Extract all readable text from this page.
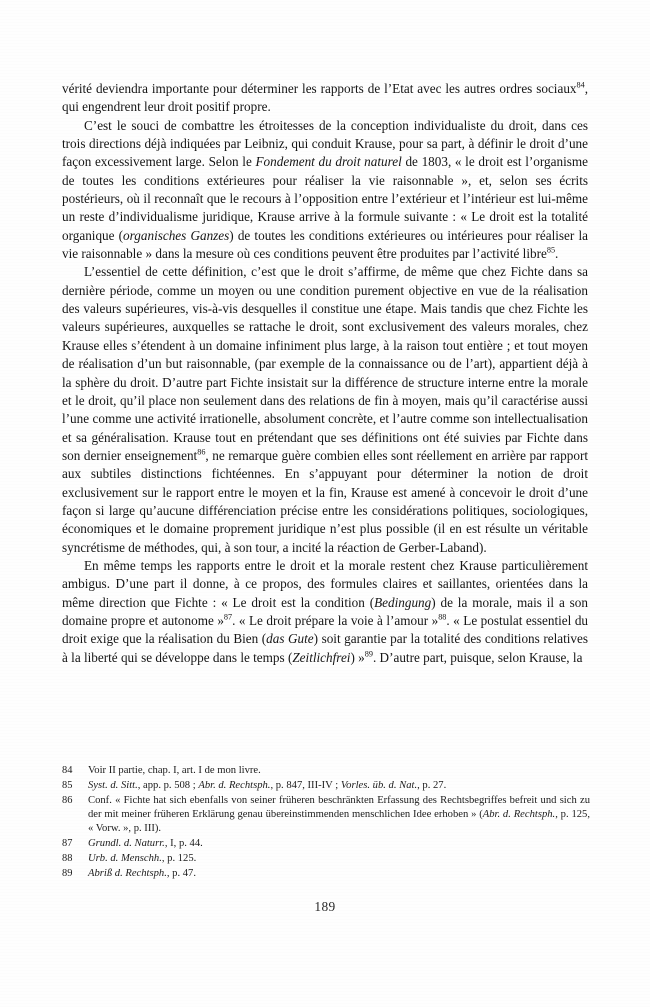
vérité deviendra importante pour déterminer les rapports de l’Etat avec les autres ordres sociaux$^{84}$, qui engendrent leur droit positif propre.

C’est le souci de combattre les étroitesses de la conception individualiste du droit, dans ces trois directions déjà indiquées par Leibniz, qui conduit Krause, pour sa part, à définir le droit d’une façon excessivement large. Selon le Fondement du droit naturel de 1803, « le droit est l’organisme de toutes les conditions extérieures pour réaliser la vie raisonnable », et, selon ses écrits postérieurs, où il reconnaît que le recours à l’opposition entre l’extérieur et l’intérieur est lui-même un reste d’individualisme juridique, Krause arrive à la formule suivante : « Le droit est la totalité organique (organisches Ganzes) de toutes les conditions extérieures ou intérieures pour réaliser la vie raisonnable » dans la mesure où ces conditions peuvent être produites par l’activité libre$^{85}$.

L’essentiel de cette définition, c’est que le droit s’affirme, de même que chez Fichte dans sa dernière période, comme un moyen ou une condition purement objective en vue de la réalisation des valeurs supérieures, vis-à-vis desquelles il constitue une étape. Mais tandis que chez Fichte les valeurs supérieures, auxquelles se rattache le droit, sont exclusivement des valeurs morales, chez Krause elles s’étendent à un domaine infiniment plus large, à la raison tout entière ; et tout moyen de réalisation d’un but raisonnable, (par exemple de la connaissance ou de l’art), appartient déjà à la sphère du droit. D’autre part Fichte insistait sur la différence de structure interne entre la morale et le droit, qu’il place non seulement dans des relations de fin à moyen, mais qu’il caractérise aussi l’une comme une activité irrationelle, absolument concrète, et l’autre comme son intellectualisation et sa généralisation. Krause tout en prétendant que ses définitions ont été suivies par Fichte dans son dernier enseignement$^{86}$, ne remarque guère combien elles sont réellement en arrière par rapport aux subtiles distinctions fichtéennes. En s’appuyant pour déterminer la notion de droit exclusivement sur le rapport entre le moyen et la fin, Krause est amené à concevoir le droit d’une façon si large qu’aucune différenciation précise entre les considérations politiques, sociologiques, économiques et le domaine proprement juridique n’est plus possible (il en est résulte un véritable syncrétisme de méthodes, qui, à son tour, a incité la réaction de Gerber-Laband).

En même temps les rapports entre le droit et la morale restent chez Krause particulièrement ambigus. D’une part il donne, à ce propos, des formules claires et saillantes, orientées dans la même direction que Fichte : « Le droit est la condition (Bedingung) de la morale, mais il a son domaine propre et autonome »$^{87}$. « Le droit prépare la voie à l’amour »$^{88}$. « Le postulat essentiel du droit exige que la réalisation du Bien (das Gute) soit garantie par la totalité des conditions relatives à la liberté qui se développe dans le temps (Zeitlichfrei) »$^{89}$. D’autre part, puisque, selon Krause, la

84	Voir II partie, chap. I, art. I de mon livre.
85	Syst. d. Sitt., app. p. 508 ; Abr. d. Rechtsph., p. 847, III-IV ; Vorles. üb. d. Nat., p. 27.
86	Conf. « Fichte hat sich ebenfalls von seiner früheren beschränkten Erfassung des Rechtsbegriffes befreit und sich zu der mit meiner früheren Erklärung genau übereinstimmenden menschlichen Idee erhoben » (Abr. d. Rechtsph., p. 125, « Vorw. », p. III).
87	Grundl. d. Naturr., I, p. 44.
88	Urb. d. Menschh., p. 125.
89	Abriß d. Rechtsph., p. 47.
189
